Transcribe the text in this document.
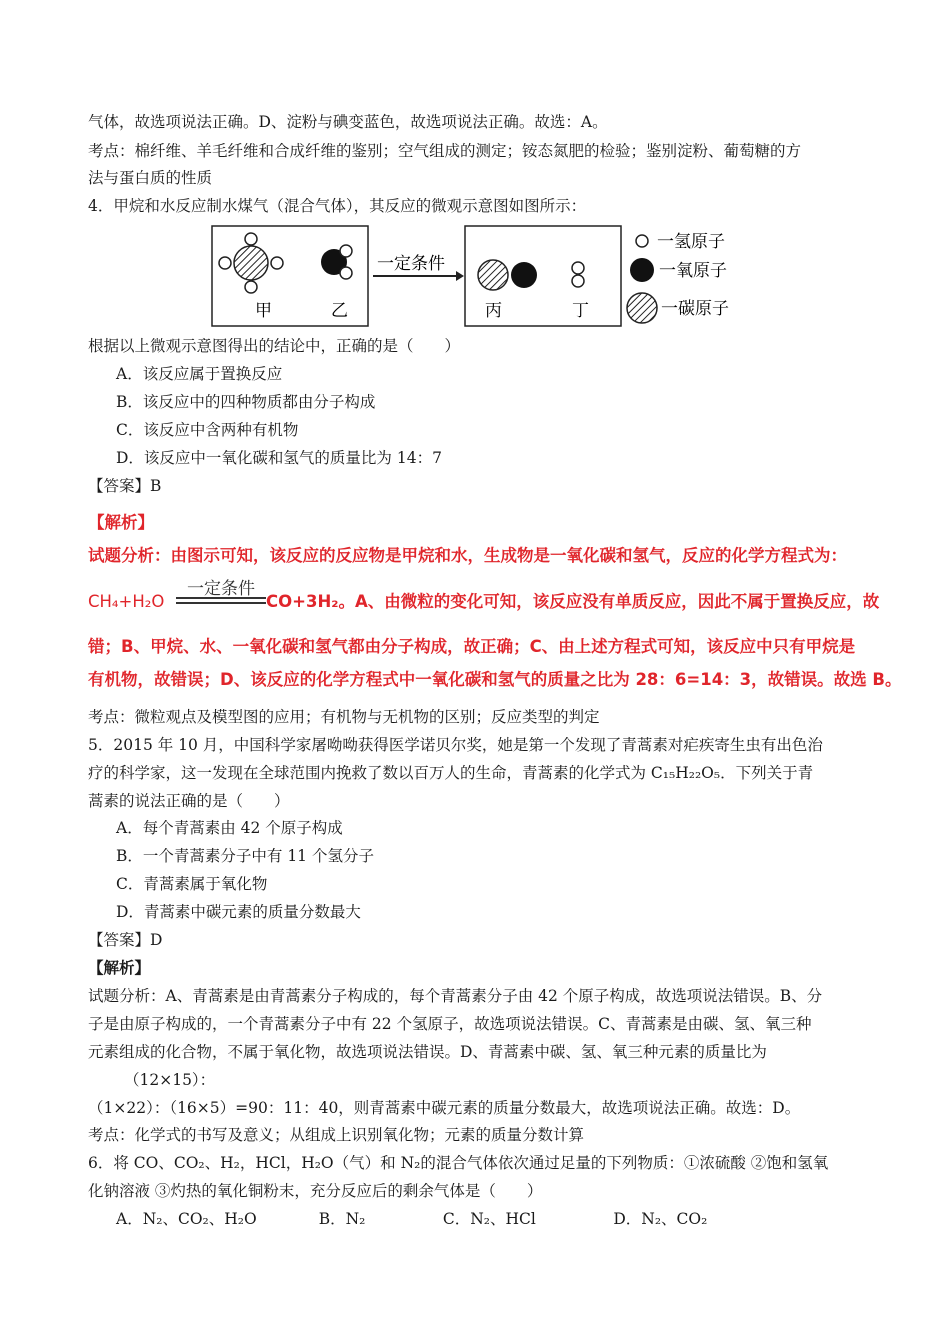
气体，故选项说法正确。D、淀粉与碘变蓝色，故选项说法正确。故选：A。
考点：棉纤维、羊毛纤维和合成纤维的鉴别；空气组成的测定；铵态氮肥的检验；鉴别淀粉、葡萄糖的方
法与蛋白质的性质
4．甲烷和水反应制水煤气（混合气体），其反应的微观示意图如图所示：
甲	乙
一定条件
丙	丁
一氢原子
一氧原子
一碳原子
根据以上微观示意图得出的结论中，正确的是（　　）
A．该反应属于置换反应
B．该反应中的四种物质都由分子构成
C．该反应中含两种有机物
D．该反应中一氧化碳和氢气的质量比为 14：7
【答案】B
【解析】
试题分析：由图示可知，该反应的反应物是甲烷和水，生成物是一氧化碳和氢气，反应的化学方程式为：
CH₄+H₂O
一定条件
CO+3H₂。A、由微粒的变化可知，该反应没有单质反应，因此不属于置换反应，故
错；B、甲烷、水、一氧化碳和氢气都由分子构成，故正确；C、由上述方程式可知，该反应中只有甲烷是
有机物，故错误；D、该反应的化学方程式中一氧化碳和氢气的质量之比为 28：6=14：3，故错误。故选 B。
考点：微粒观点及模型图的应用；有机物与无机物的区别；反应类型的判定
5．2015 年 10 月，中国科学家屠呦呦获得医学诺贝尔奖，她是第一个发现了青蒿素对疟疾寄生虫有出色治
疗的科学家，这一发现在全球范围内挽救了数以百万人的生命，青蒿素的化学式为 C₁₅H₂₂O₅．下列关于青
蒿素的说法正确的是（　　）
A．每个青蒿素由 42 个原子构成
B．一个青蒿素分子中有 11 个氢分子
C．青蒿素属于氧化物
D．青蒿素中碳元素的质量分数最大
【答案】D
【解析】
试题分析：A、青蒿素是由青蒿素分子构成的，每个青蒿素分子由 42 个原子构成，故选项说法错误。B、分
子是由原子构成的，一个青蒿素分子中有 22 个氢原子，故选项说法错误。C、青蒿素是由碳、氢、氧三种
元素组成的化合物，不属于氧化物，故选项说法错误。D、青蒿素中碳、氢、氧三种元素的质量比为
（12×15）：
（1×22）：（16×5）=90：11：40，则青蒿素中碳元素的质量分数最大，故选项说法正确。故选：D。
考点：化学式的书写及意义；从组成上识别氧化物；元素的质量分数计算
6．将 CO、CO₂、H₂，HCl，H₂O（气）和 N₂的混合气体依次通过足量的下列物质：①浓硫酸 ②饱和氢氧
化钠溶液 ③灼热的氧化铜粉末，充分反应后的剩余气体是（　　）
A．N₂、CO₂、H₂O　　　　B．N₂　　　　　C．N₂、HCl　　　　　D．N₂、CO₂
